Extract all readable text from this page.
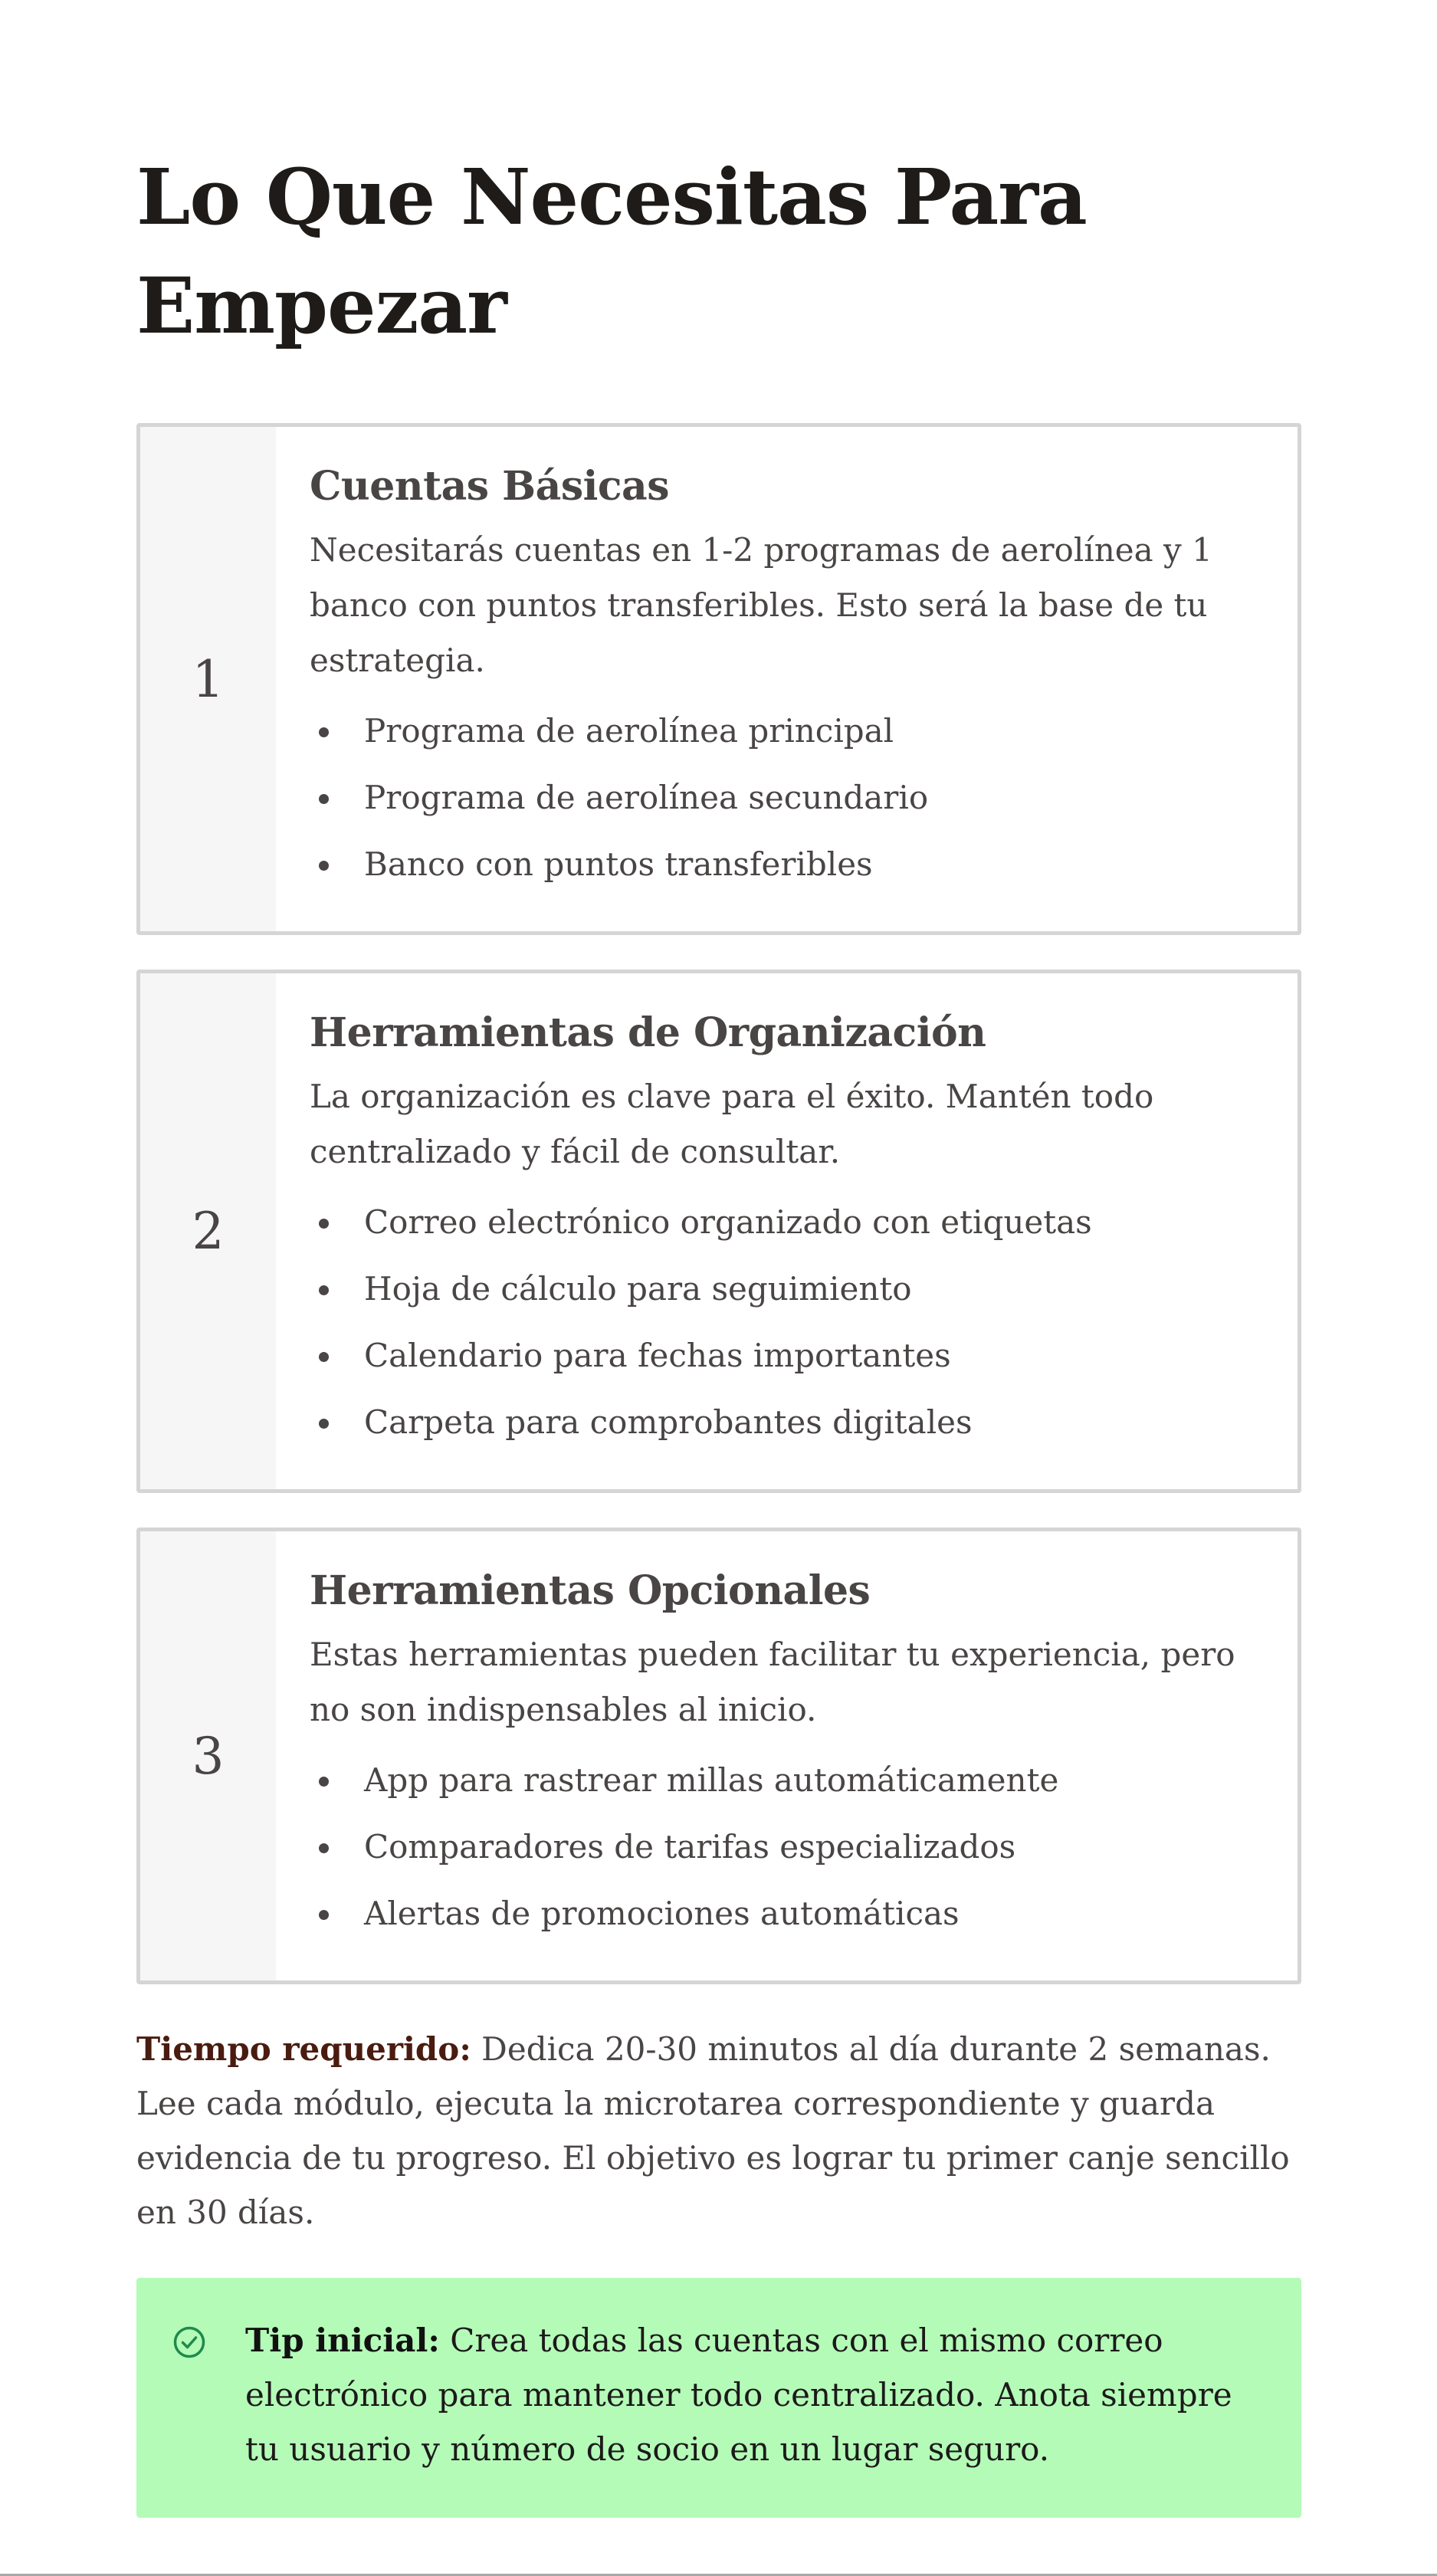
Lo Que Necesitas Para Empezar
1
Cuentas Básicas

Necesitarás cuentas en 1-2 programas de aerolínea y 1 banco con puntos transferibles. Esto será la base de tu estrategia.

Programa de aerolínea principal
Programa de aerolínea secundario
Banco con puntos transferibles
2
Herramientas de Organización

La organización es clave para el éxito. Mantén todo centralizado y fácil de consultar.

Correo electrónico organizado con etiquetas
Hoja de cálculo para seguimiento
Calendario para fechas importantes
Carpeta para comprobantes digitales
3
Herramientas Opcionales

Estas herramientas pueden facilitar tu experiencia, pero no son indispensables al inicio.

App para rastrear millas automáticamente
Comparadores de tarifas especializados
Alertas de promociones automáticas

Tiempo requerido: Dedica 20-30 minutos al día durante 2 semanas. Lee cada módulo, ejecuta la microtarea correspondiente y guarda evidencia de tu progreso. El objetivo es lograr tu primer canje sencillo en 30 días.

Tip inicial: Crea todas las cuentas con el mismo correo electrónico para mantener todo centralizado. Anota siempre tu usuario y número de socio en un lugar seguro.
